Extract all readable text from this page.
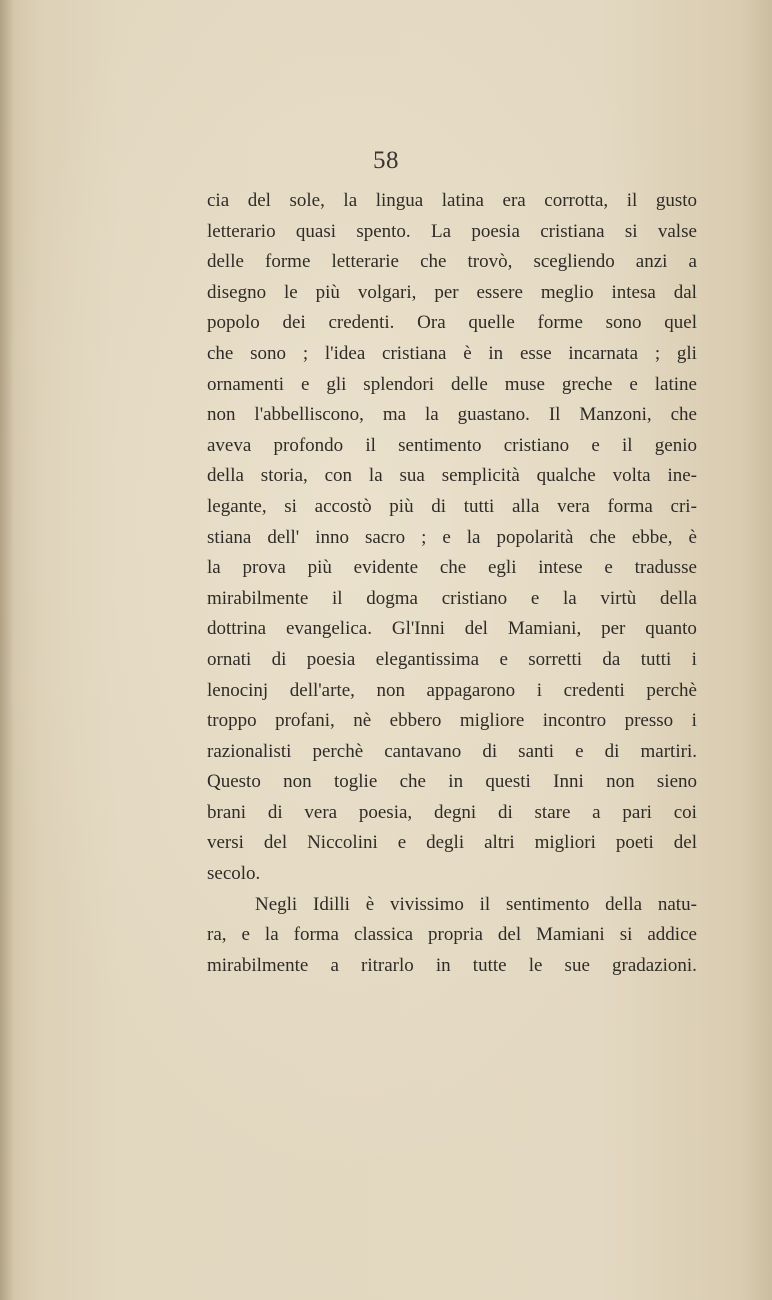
58
cia del sole, la lingua latina era corrotta, il gusto
letterario quasi spento. La poesia cristiana si valse
delle forme letterarie che trovò, scegliendo anzi a
disegno le più volgari, per essere meglio intesa dal
popolo dei credenti. Ora quelle forme sono quel
che sono ; l'idea cristiana è in esse incarnata ; gli
ornamenti e gli splendori delle muse greche e latine
non l'abbelliscono, ma la guastano. Il Manzoni, che
aveva profondo il sentimento cristiano e il genio
della storia, con la sua semplicità qualche volta ine-
legante, si accostò più di tutti alla vera forma cri-
stiana dell' inno sacro ; e la popolarità che ebbe, è
la prova più evidente che egli intese e tradusse
mirabilmente il dogma cristiano e la virtù della
dottrina evangelica. Gl'Inni del Mamiani, per quanto
ornati di poesia elegantissima e sorretti da tutti i
lenocinj dell'arte, non appagarono i credenti perchè
troppo profani, nè ebbero migliore incontro presso i
razionalisti perchè cantavano di santi e di martiri.
Questo non toglie che in questi Inni non sieno
brani di vera poesia, degni di stare a pari coi
versi del Niccolini e degli altri migliori poeti del
secolo.
Negli Idilli è vivissimo il sentimento della natu-
ra, e la forma classica propria del Mamiani si addice
mirabilmente a ritrarlo in tutte le sue gradazioni.
